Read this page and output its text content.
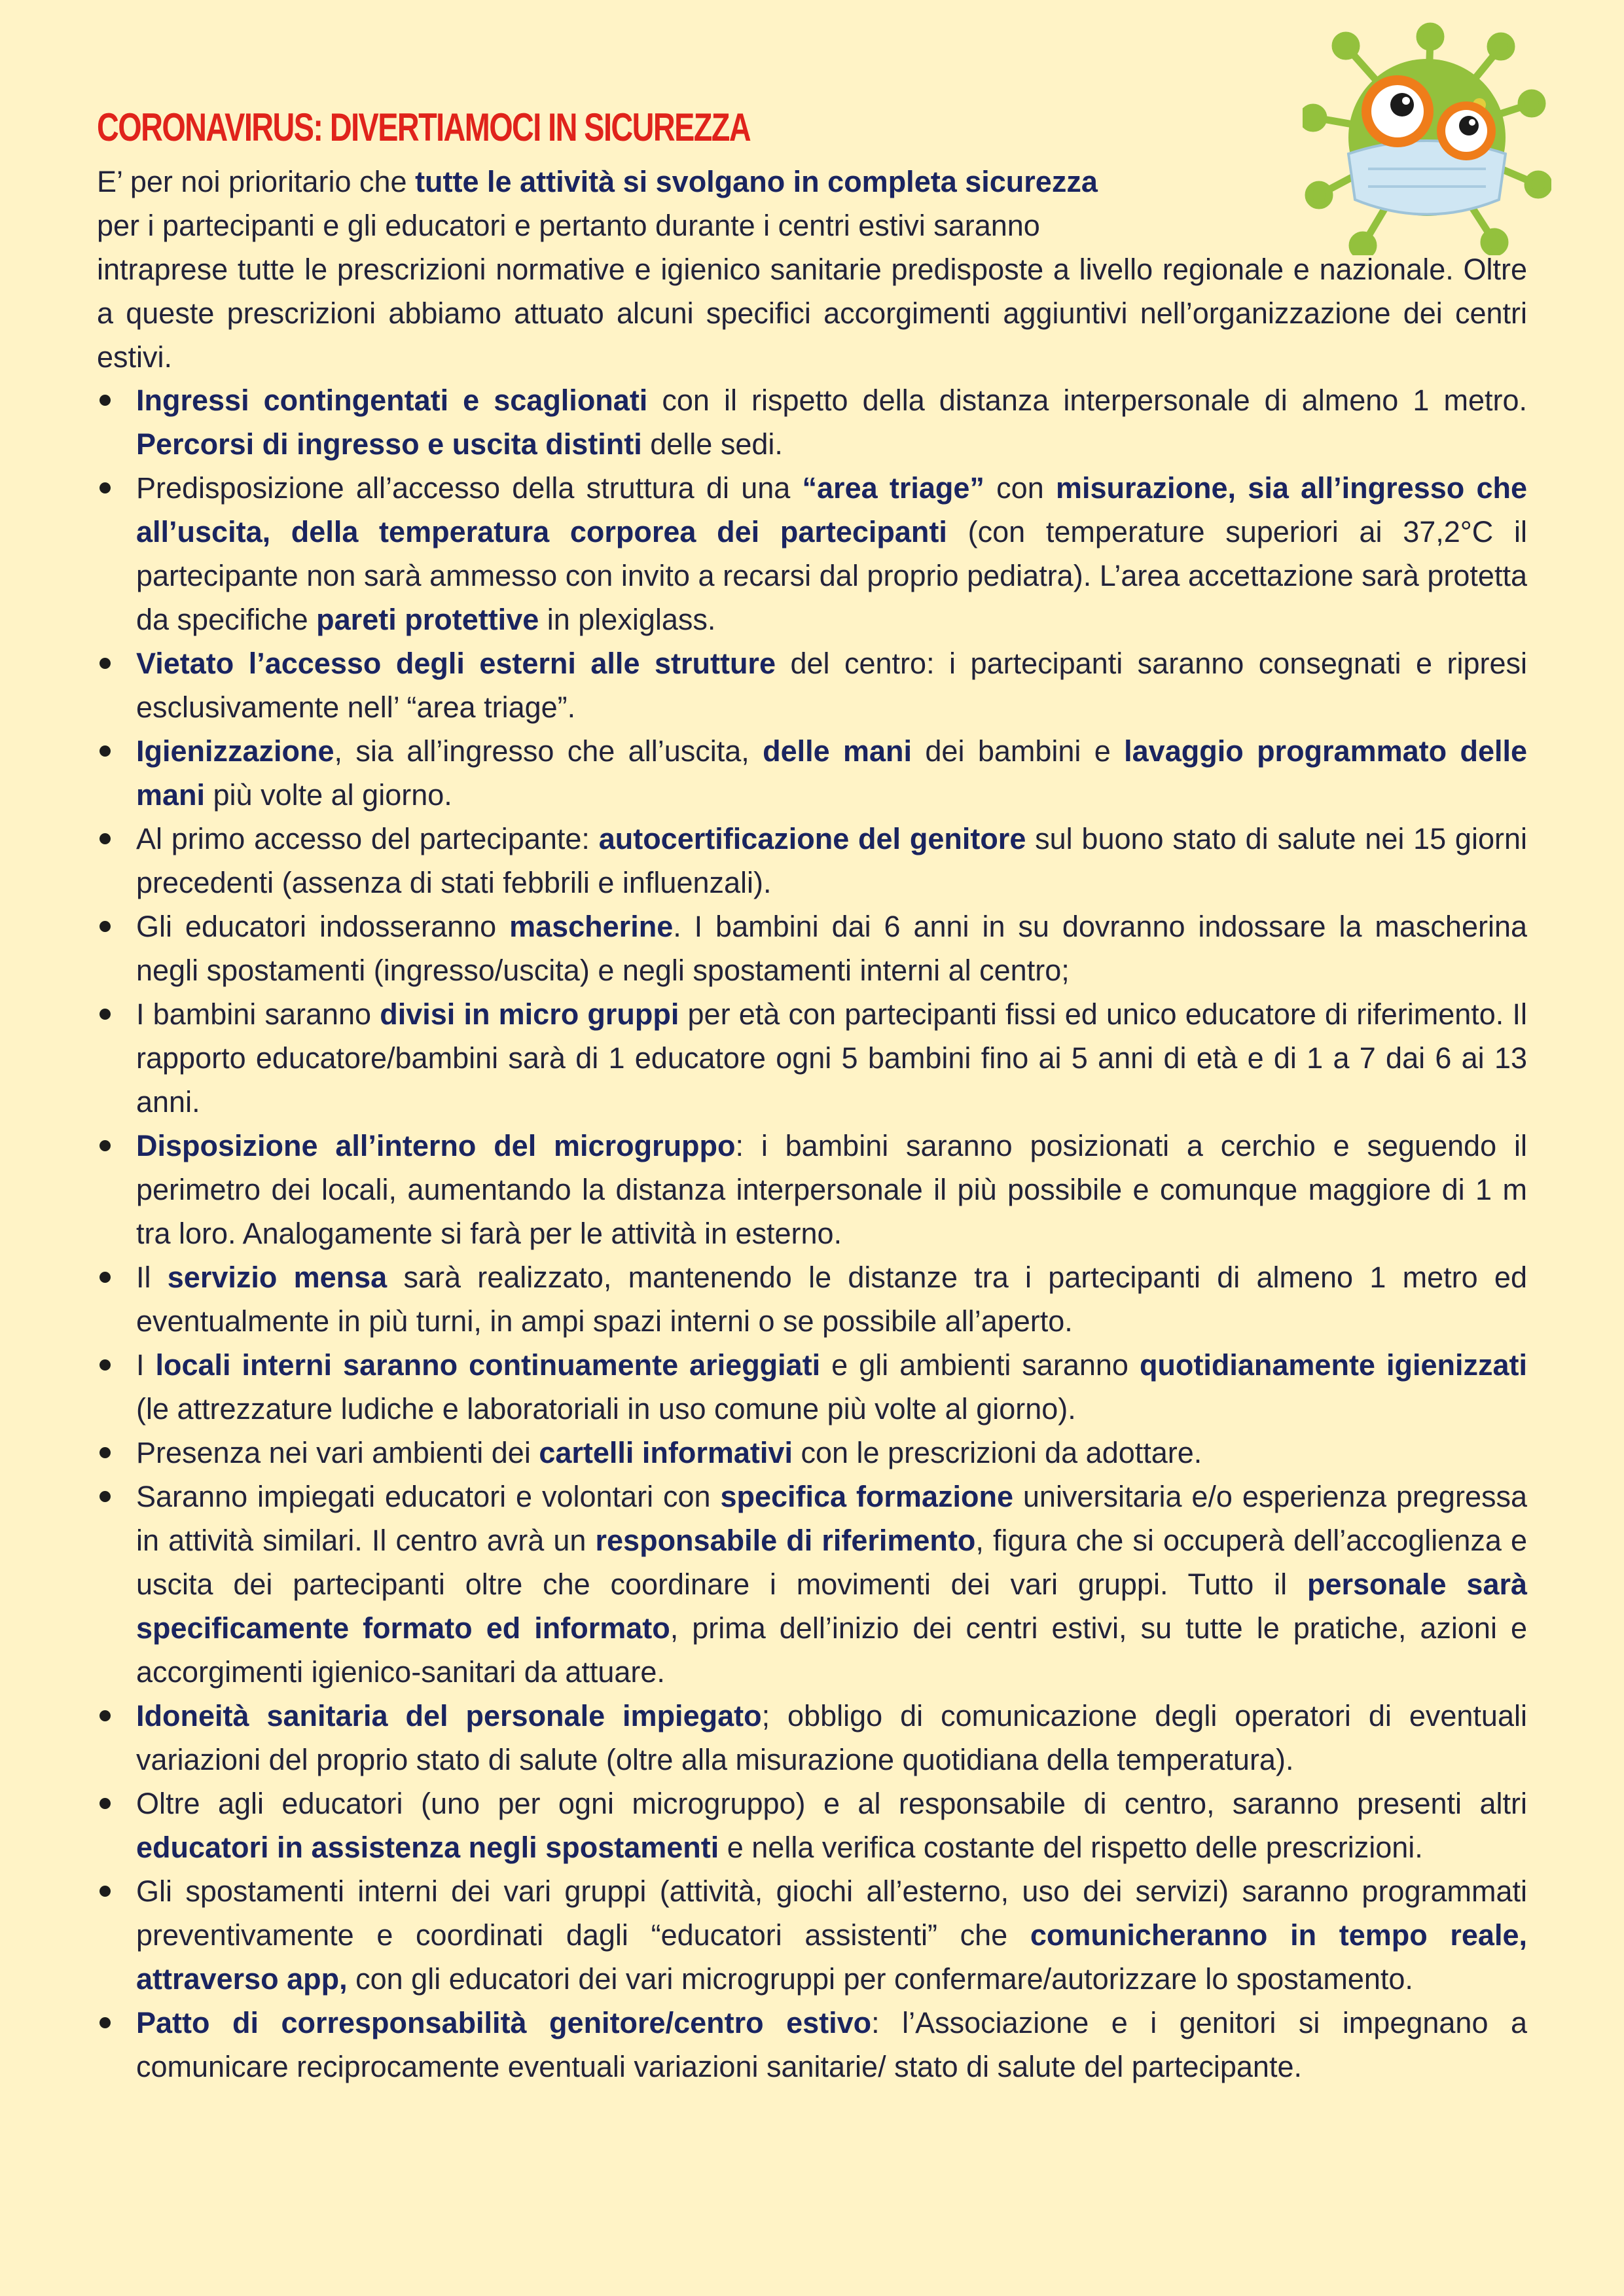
CORONAVIRUS: DIVERTIAMOCI IN SICUREZZA
E’ per noi prioritario che tutte le attività si svolgano in completa sicurezza
per i partecipanti e gli educatori e pertanto durante i centri estivi saranno
intraprese tutte le prescrizioni normative e igienico sanitarie predisposte a livello regionale e nazionale. Oltre a queste prescrizioni abbiamo attuato alcuni specifici accorgimenti aggiuntivi nell’organizzazione dei centri estivi.
Ingressi contingentati e scaglionati con il rispetto della distanza interpersonale di almeno 1 metro. Percorsi di ingresso e uscita distinti delle sedi.
Predisposizione all’accesso della struttura di una “area triage” con misurazione, sia all’ingresso che all’uscita, della temperatura corporea dei partecipanti (con temperature superiori ai 37,2°C il partecipante non sarà ammesso con invito a recarsi dal proprio pediatra). L’area accettazione sarà protetta da specifiche pareti protettive in plexiglass.
Vietato l’accesso degli esterni alle strutture del centro: i partecipanti saranno consegnati e ripresi esclusivamente nell’ “area triage”.
Igienizzazione, sia all’ingresso che all’uscita, delle mani dei bambini e lavaggio programmato delle mani più volte al giorno.
Al primo accesso del partecipante: autocertificazione del genitore sul buono stato di salute nei 15 giorni precedenti (assenza di stati febbrili e influenzali).
Gli educatori indosseranno mascherine. I bambini dai 6 anni in su dovranno indossare la mascherina negli spostamenti (ingresso/uscita) e negli spostamenti interni al centro;
I bambini saranno divisi in micro gruppi per età con partecipanti fissi ed unico educatore di riferimento. Il rapporto educatore/bambini sarà di 1 educatore ogni 5 bambini fino ai 5 anni di età e di 1 a 7 dai 6 ai 13 anni.
Disposizione all’interno del microgruppo: i bambini saranno posizionati a cerchio e seguendo il perimetro dei locali, aumentando la distanza interpersonale il più possibile e comunque maggiore di 1 m tra loro. Analogamente si farà per le attività in esterno.
Il servizio mensa sarà realizzato, mantenendo le distanze tra i partecipanti di almeno 1 metro ed eventualmente in più turni, in ampi spazi interni o se possibile all’aperto.
I locali interni saranno continuamente arieggiati e gli ambienti saranno quotidianamente igienizzati (le attrezzature ludiche e laboratoriali in uso comune più volte al giorno).
Presenza nei vari ambienti dei cartelli informativi con le prescrizioni da adottare.
Saranno impiegati educatori e volontari con specifica formazione universitaria e/o esperienza pregressa in attività similari. Il centro avrà un responsabile di riferimento, figura che si occuperà dell’accoglienza e uscita dei partecipanti oltre che coordinare i movimenti dei vari gruppi. Tutto il personale sarà specificamente formato ed informato, prima dell’inizio dei centri estivi, su tutte le pratiche, azioni e accorgimenti igienico-sanitari da attuare.
Idoneità sanitaria del personale impiegato; obbligo di comunicazione degli operatori di eventuali variazioni del proprio stato di salute (oltre alla misurazione quotidiana della temperatura).
Oltre agli educatori (uno per ogni microgruppo) e al responsabile di centro, saranno presenti altri educatori in assistenza negli spostamenti e nella verifica costante del rispetto delle prescrizioni.
Gli spostamenti interni dei vari gruppi (attività, giochi all’esterno, uso dei servizi) saranno programmati preventivamente e coordinati dagli “educatori assistenti” che comunicheranno in tempo reale, attraverso app, con gli educatori dei vari microgruppi per confermare/autorizzare lo spostamento.
Patto di corresponsabilità genitore/centro estivo: l’Associazione e i genitori si impegnano a comunicare reciprocamente eventuali variazioni sanitarie/ stato di salute del partecipante.
